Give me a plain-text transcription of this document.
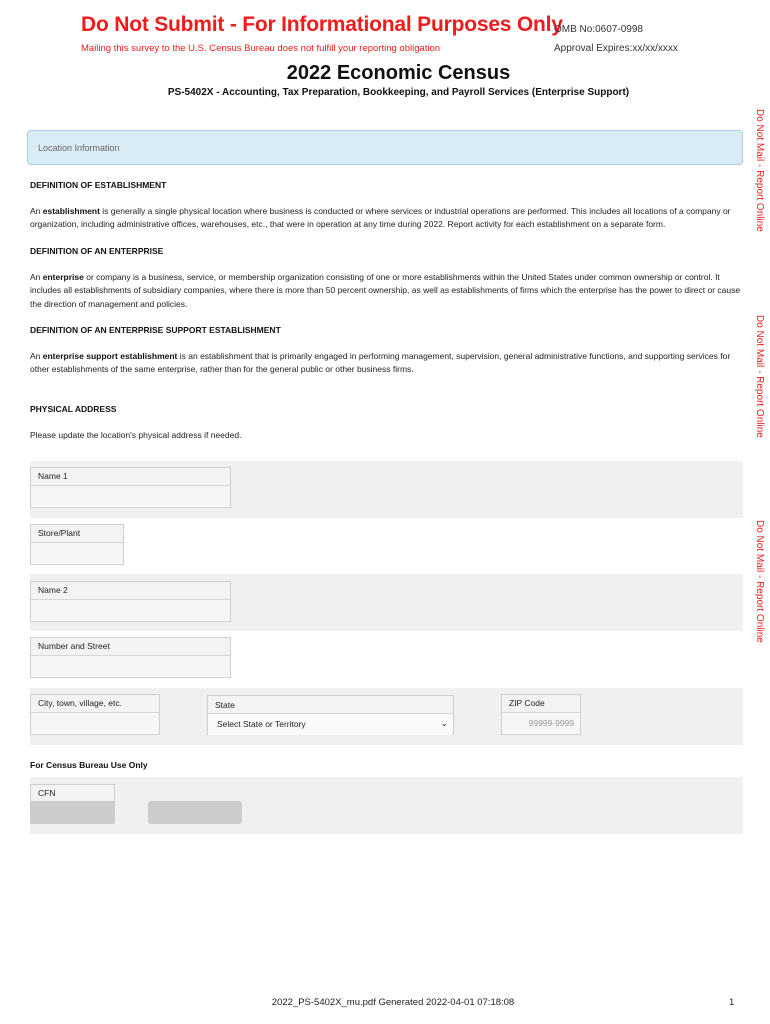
Do Not Submit - For Informational Purposes Only
Mailing this survey to the U.S. Census Bureau does not fulfill your reporting obligation
OMB No:0607-0998
Approval Expires:xx/xx/xxxx
2022 Economic Census
PS-5402X - Accounting, Tax Preparation, Bookkeeping, and Payroll Services (Enterprise Support)
Do Not Mail - Report Online
Do Not Mail - Report Online
Do Not Mail - Report Online
Location Information
DEFINITION OF ESTABLISHMENT
An establishment is generally a single physical location where business is conducted or where services or industrial operations are performed. This includes all locations of a company or organization, including administrative offices, warehouses, etc., that were in operation at any time during 2022. Report activity for each establishment on a separate form.
DEFINITION OF AN ENTERPRISE
An enterprise or company is a business, service, or membership organization consisting of one or more establishments within the United States under common ownership or control. It includes all establishments of subsidiary companies, where there is more than 50 percent ownership, as well as establishments of firms which the enterprise has the power to direct or cause the direction of management and policies.
DEFINITION OF AN ENTERPRISE SUPPORT ESTABLISHMENT
An enterprise support establishment is an establishment that is primarily engaged in performing management, supervision, general administrative functions, and supporting services for other establishments of the same enterprise, rather than for the general public or other business firms.
PHYSICAL ADDRESS
Please update the location's physical address if needed.
Name 1
Store/Plant
Name 2
Number and Street
City, town, village, etc.	State
Select State or Territory	⌄
ZIP Code
99999-9999
For Census Bureau Use Only
CFN
2022_PS-5402X_mu.pdf Generated 2022-04-01 07:18:08	1
